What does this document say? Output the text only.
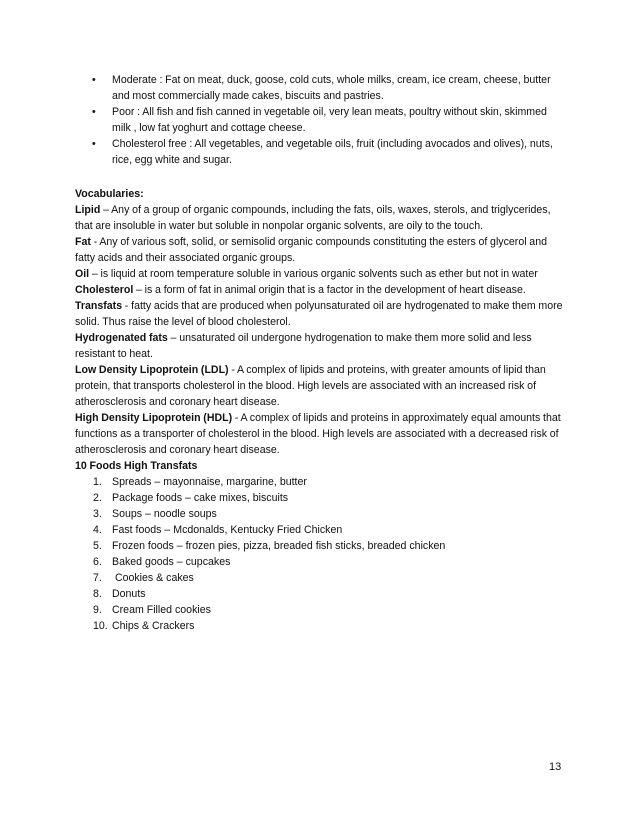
• Moderate : Fat on meat, duck, goose, cold cuts, whole milks, cream, ice cream, cheese, butter and most commercially made cakes, biscuits and pastries.
• Poor : All fish and fish canned in vegetable oil, very lean meats, poultry without skin, skimmed milk , low fat yoghurt and cottage cheese.
• Cholesterol free : All vegetables, and vegetable oils, fruit (including avocados and olives), nuts, rice, egg white and sugar.

Vocabularies:

Lipid – Any of a group of organic compounds, including the fats, oils, waxes, sterols, and triglycerides, that are insoluble in water but soluble in nonpolar organic solvents, are oily to the touch.

Fat - Any of various soft, solid, or semisolid organic compounds constituting the esters of glycerol and fatty acids and their associated organic groups.

Oil – is liquid at room temperature soluble in various organic solvents such as ether but not in water

Cholesterol – is a form of fat in animal origin that is a factor in the development of heart disease.

Transfats - fatty acids that are produced when polyunsaturated oil are hydrogenated to make them more solid. Thus raise the level of blood cholesterol.

Hydrogenated fats – unsaturated oil undergone hydrogenation to make them more solid and less resistant to heat.

Low Density Lipoprotein (LDL) - A complex of lipids and proteins, with greater amounts of lipid than protein, that transports cholesterol in the blood. High levels are associated with an increased risk of atherosclerosis and coronary heart disease.

High Density Lipoprotein (HDL) - A complex of lipids and proteins in approximately equal amounts that functions as a transporter of cholesterol in the blood. High levels are associated with a decreased risk of atherosclerosis and coronary heart disease.

10 Foods High Transfats

1. Spreads – mayonnaise, margarine, butter
2. Package foods – cake mixes, biscuits
3. Soups – noodle soups
4. Fast foods – Mcdonalds, Kentucky Fried Chicken
5. Frozen foods – frozen pies, pizza, breaded fish sticks, breaded chicken
6. Baked goods – cupcakes
7. Cookies & cakes
8. Donuts
9. Cream Filled cookies
10. Chips & Crackers
13
